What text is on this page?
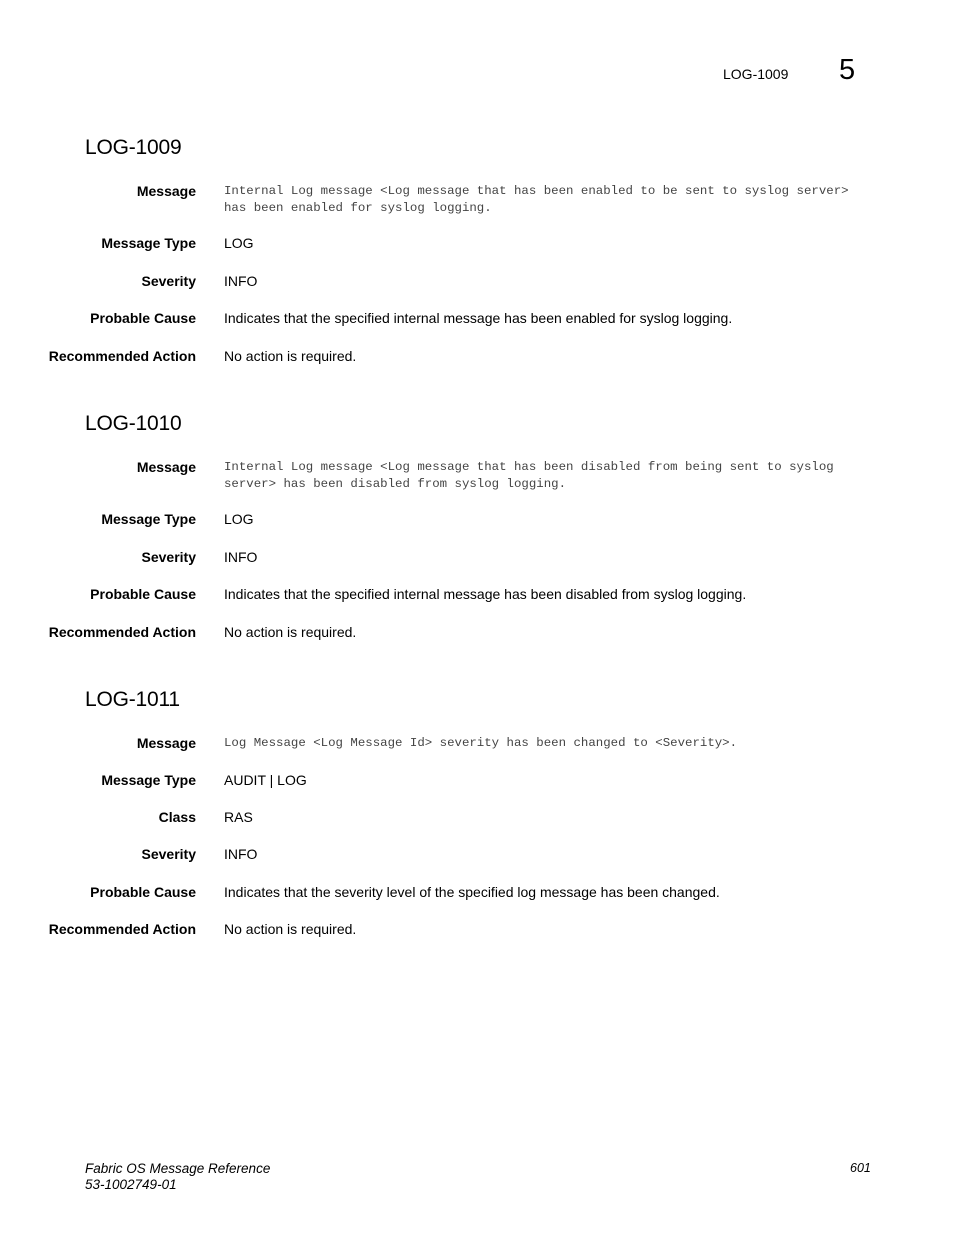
LOG-1009 5
LOG-1009
Message Internal Log message <Log message that has been enabled to be sent to syslog server> has been enabled for syslog logging.
Message Type LOG
Severity INFO
Probable Cause Indicates that the specified internal message has been enabled for syslog logging.
Recommended Action No action is required.
LOG-1010
Message Internal Log message <Log message that has been disabled from being sent to syslog server> has been disabled from syslog logging.
Message Type LOG
Severity INFO
Probable Cause Indicates that the specified internal message has been disabled from syslog logging.
Recommended Action No action is required.
LOG-1011
Message Log Message <Log Message Id> severity has been changed to <Severity>.
Message Type AUDIT | LOG
Class RAS
Severity INFO
Probable Cause Indicates that the severity level of the specified log message has been changed.
Recommended Action No action is required.
Fabric OS Message Reference
53-1002749-01
601
